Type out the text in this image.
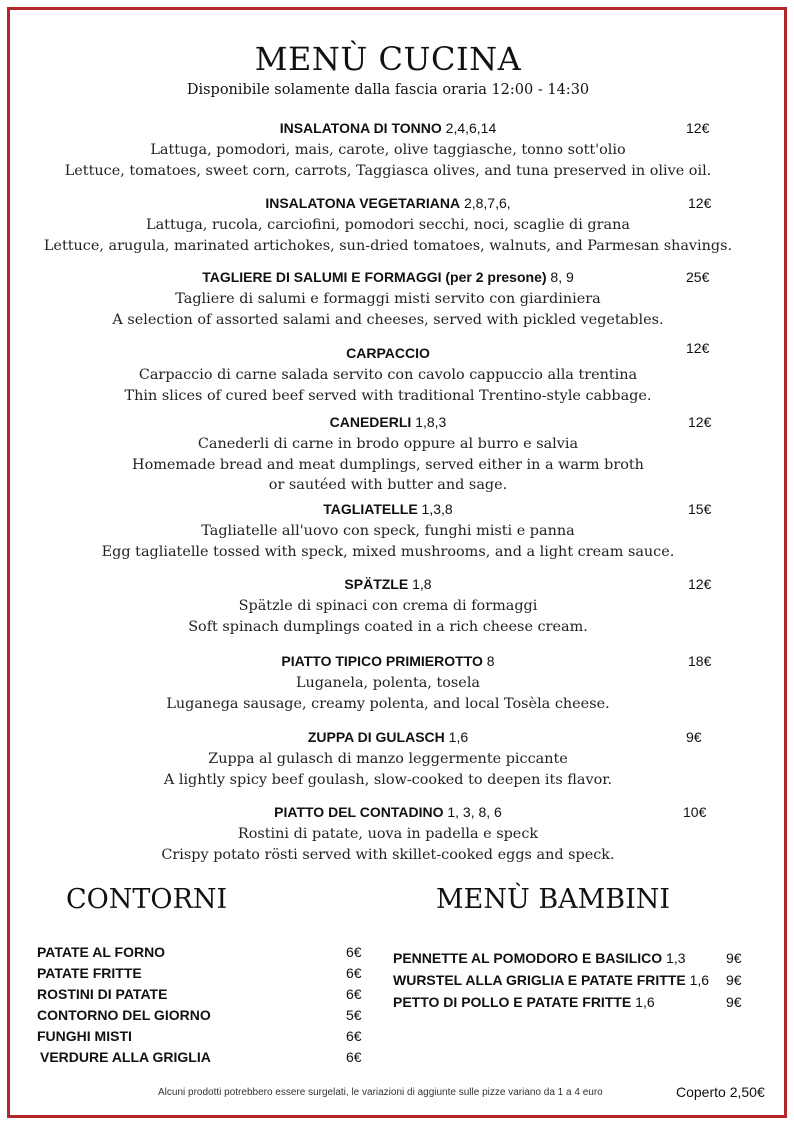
MENÙ CUCINA
Disponibile solamente dalla fascia oraria 12:00 - 14:30
INSALATONA DI TONNO 2,4,6,14	12€
Lattuga, pomodori, mais, carote, olive taggiasche, tonno sott'olio
Lettuce, tomatoes, sweet corn, carrots, Taggiasca olives, and tuna preserved in olive oil.
INSALATONA VEGETARIANA 2,8,7,6,	12€
Lattuga, rucola, carciofini, pomodori secchi, noci, scaglie di grana
Lettuce, arugula, marinated artichokes, sun-dried tomatoes, walnuts, and Parmesan shavings.
TAGLIERE DI SALUMI E FORMAGGI (per 2 presone) 8, 9	25€
Tagliere di salumi e formaggi misti servito con giardiniera
A selection of assorted salami and cheeses, served with pickled vegetables.
CARPACCIO	12€
Carpaccio di carne salada servito con cavolo cappuccio alla trentina
Thin slices of cured beef served with traditional Trentino-style cabbage.
CANEDERLI 1,8,3	12€
Canederli di carne in brodo oppure al burro e salvia
Homemade bread and meat dumplings, served either in a warm broth
or sautéed with butter and sage.
TAGLIATELLE 1,3,8	15€
Tagliatelle all'uovo con speck, funghi misti e panna
Egg tagliatelle tossed with speck, mixed mushrooms, and a light cream sauce.
SPÄTZLE 1,8	12€
Spätzle di spinaci con crema di formaggi
Soft spinach dumplings coated in a rich cheese cream.
PIATTO TIPICO PRIMIEROTTO 8	18€
Luganela, polenta, tosela
Luganega sausage, creamy polenta, and local Tosèla cheese.
ZUPPA DI GULASCH 1,6	9€
Zuppa al gulasch di manzo leggermente piccante
A lightly spicy beef goulash, slow-cooked to deepen its flavor.
PIATTO DEL CONTADINO 1, 3, 8, 6	10€
Rostini di patate, uova in padella e speck
Crispy potato rösti served with skillet-cooked eggs and speck.
CONTORNI	MENÙ BAMBINI
PATATE AL FORNO	6€
PATATE FRITTE	6€
ROSTINI DI PATATE	6€
CONTORNO DEL GIORNO	5€
FUNGHI MISTI	6€
VERDURE ALLA GRIGLIA	6€
PENNETTE AL POMODORO E BASILICO 1,3	9€
WURSTEL ALLA GRIGLIA E PATATE FRITTE 1,6 9€
PETTO DI POLLO E PATATE FRITTE 1,6	9€
Alcuni prodotti potrebbero essere surgelati, le variazioni di aggiunte sulle pizze variano da 1 a 4 euro	Coperto 2,50€
